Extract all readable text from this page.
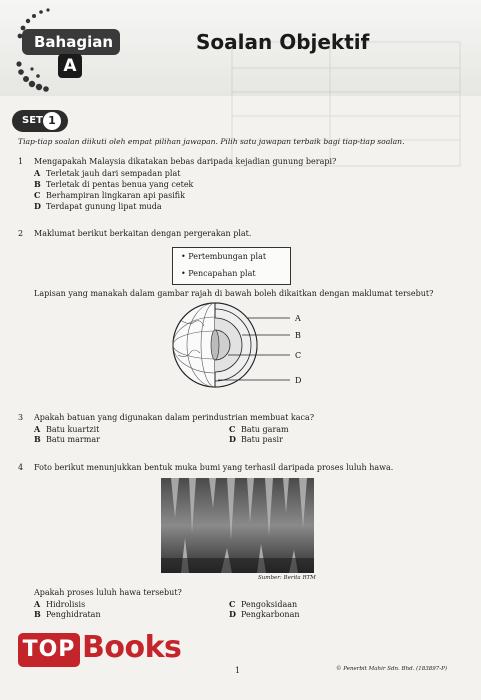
Bahagian
A
Soalan Objektif
SET 1
Tiap-tiap soalan diikuti oleh empat pilihan jawapan. Pilih satu jawapan terbaik bagi tiap-tiap soalan.
1 Mengapakah Malaysia dikatakan bebas daripada kejadian gunung berapi?
A Terletak jauh dari sempadan plat
B Terletak di pentas benua yang cetek
C Berhampiran lingkaran api pasifik
D Terdapat gunung lipat muda
2 Maklumat berikut berkaitan dengan pergerakan plat.
• Pertembungan plat
• Pencapahan plat
Lapisan yang manakah dalam gambar rajah di bawah boleh dikaitkan dengan maklumat tersebut?
A
B
C
D
3 Apakah batuan yang digunakan dalam perindustrian membuat kaca?
A Batu kuartzit
B Batu marmar
C Batu garam
D Batu pasir
4 Foto berikut menunjukkan bentuk muka bumi yang terhasil daripada proses luluh hawa.
Sumber: Berita RTM
Apakah proses luluh hawa tersebut?
A Hidrolisis
B Penghidratan
C Pengoksidaan
D Pengkarbonan
TOP Books
1	© Penerbit Mahir Sdn. Bhd. (183897-P)
